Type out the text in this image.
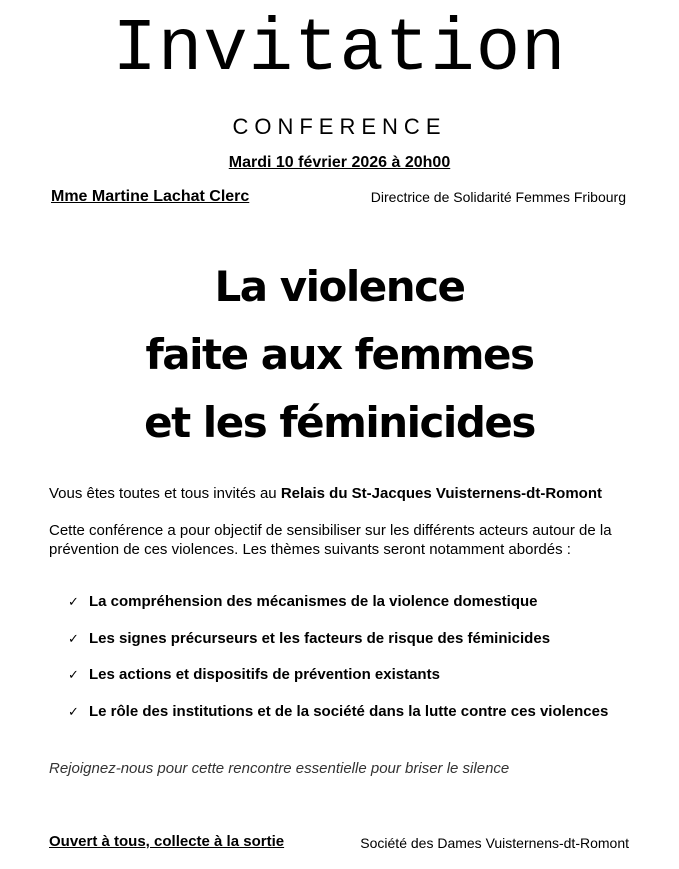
Invitation
CONFERENCE
Mardi 10 février 2026 à 20h00
Mme Martine Lachat Clerc	Directrice de Solidarité Femmes Fribourg
La violence
faite aux femmes
et les féminicides
Vous êtes toutes et tous invités au Relais du St-Jacques Vuisternens-dt-Romont
Cette conférence a pour objectif de sensibiliser sur les différents acteurs autour de la prévention de ces violences. Les thèmes suivants seront notamment abordés :
✓ La compréhension des mécanismes de la violence domestique
✓ Les signes précurseurs et les facteurs de risque des féminicides
✓ Les actions et dispositifs de prévention existants
✓ Le rôle des institutions et de la société dans la lutte contre ces violences
Rejoignez-nous pour cette rencontre essentielle pour briser le silence
Ouvert à tous, collecte à la sortie	Société des Dames Vuisternens-dt-Romont
